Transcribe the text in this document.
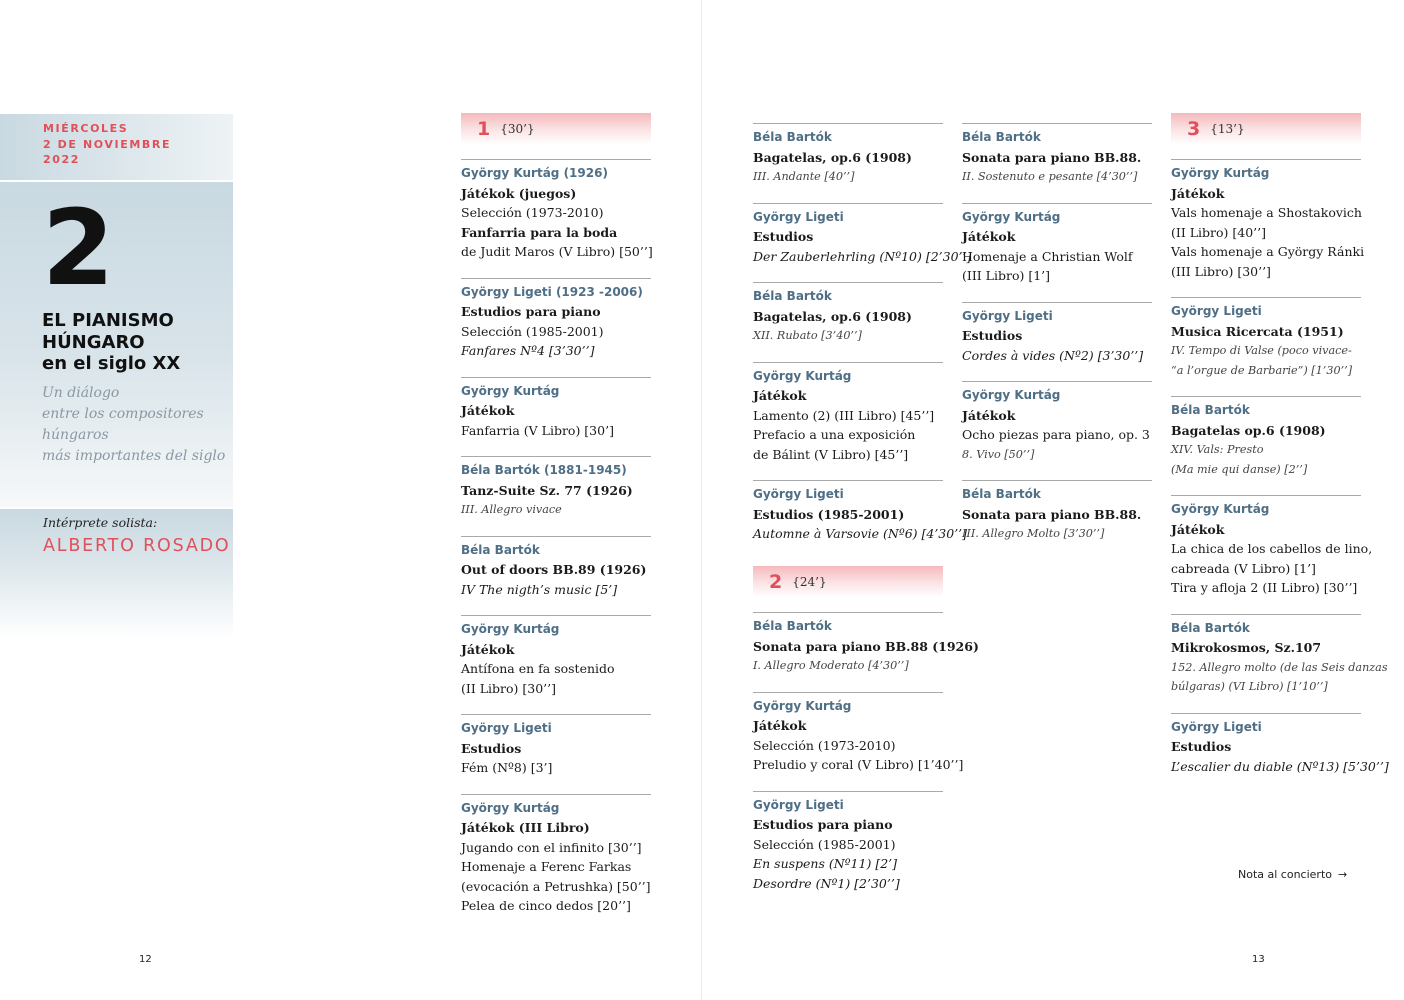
MIÉRCOLES
2 DE NOVIEMBRE
2022
2
EL PIANISMO
HÚNGARO
en el siglo XX
Un diálogo
entre los compositores
húngaros
más importantes del siglo
Intérprete solista:
ALBERTO ROSADO
12
1 {30’}
György Kurtág (1926)
Játékok (juegos)
Selección (1973-2010)
Fanfarria para la boda
de Judit Maros (V Libro) [50’’]
György Ligeti (1923 -2006)
Estudios para piano
Selección (1985-2001)
Fanfares Nº4 [3’30’’]
György Kurtág
Játékok
Fanfarria (V Libro) [30’]
Béla Bartók (1881-1945)
Tanz-Suite Sz. 77 (1926)
III. Allegro vivace
Béla Bartók
Out of doors BB.89 (1926)
IV The nigth’s music [5’]
György Kurtág
Játékok
Antífona en fa sostenido
(II Libro) [30’’]
György Ligeti
Estudios
Fém (Nº8) [3’]
György Kurtág
Játékok (III Libro)
Jugando con el infinito [30’’]
Homenaje a Ferenc Farkas
(evocación a Petrushka) [50’’]
Pelea de cinco dedos [20’’]
Béla Bartók
Bagatelas, op.6 (1908)
III. Andante [40’’]
György Ligeti
Estudios
Der Zauberlehrling (Nº10) [2’30’’]
Béla Bartók
Bagatelas, op.6 (1908)
XII. Rubato [3’40’’]
György Kurtág
Játékok
Lamento (2) (III Libro) [45’’]
Prefacio a una exposición
de Bálint (V Libro) [45’’]
György Ligeti
Estudios (1985-2001)
Automne à Varsovie (Nº6) [4’30’’]
2 {24’}
Béla Bartók
Sonata para piano BB.88 (1926)
I. Allegro Moderato [4’30’’]
György Kurtág
Játékok
Selección (1973-2010)
Preludio y coral (V Libro) [1’40’’]
György Ligeti
Estudios para piano
Selección (1985-2001)
En suspens (Nº11) [2’]
Desordre (Nº1) [2’30’’]
Béla Bartók
Sonata para piano BB.88.
II. Sostenuto e pesante [4’30’’]
György Kurtág
Játékok
Homenaje a Christian Wolf
(III Libro) [1’]
György Ligeti
Estudios
Cordes à vides (Nº2) [3’30’’]
György Kurtág
Játékok
Ocho piezas para piano, op. 3
8. Vivo [50’’]
Béla Bartók
Sonata para piano BB.88.
III. Allegro Molto [3’30’’]
3 {13’}
György Kurtág
Játékok
Vals homenaje a Shostakovich
(II Libro) [40’’]
Vals homenaje a György Ránki
(III Libro) [30’’]
György Ligeti
Musica Ricercata (1951)
IV. Tempo di Valse (poco vivace-
“a l’orgue de Barbarie”) [1’30’’]
Béla Bartók
Bagatelas op.6 (1908)
XIV. Vals: Presto
(Ma mie qui danse) [2’’]
György Kurtág
Játékok
La chica de los cabellos de lino,
cabreada (V Libro) [1’]
Tira y afloja 2 (II Libro) [30’’]
Béla Bartók
Mikrokosmos, Sz.107
152. Allegro molto (de las Seis danzas
búlgaras) (VI Libro) [1’10’’]
György Ligeti
Estudios
L’escalier du diable (Nº13) [5’30’’]
Nota al concierto →
13
